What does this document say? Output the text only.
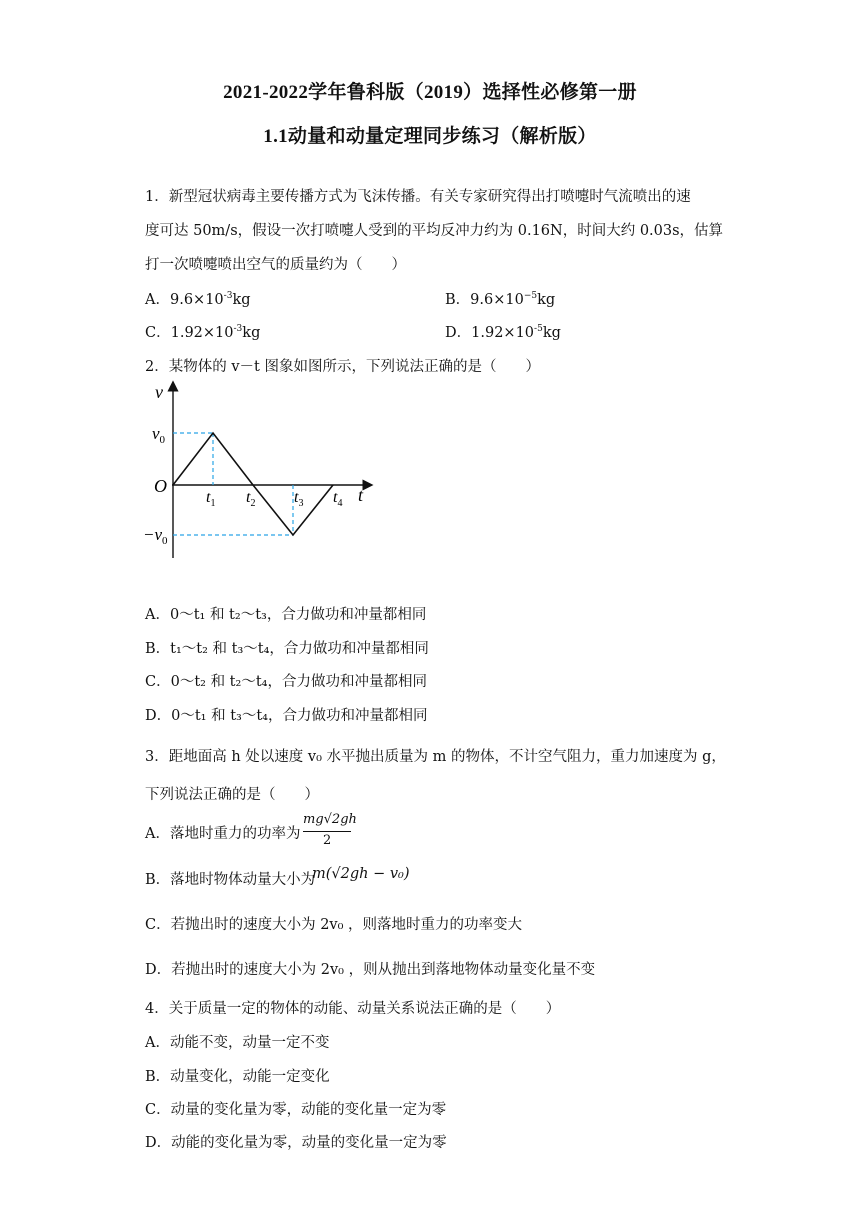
2021-2022学年鲁科版（2019）选择性必修第一册
1.1动量和动量定理同步练习（解析版）
1．新型冠状病毒主要传播方式为飞沫传播。有关专家研究得出打喷嚏时气流喷出的速
度可达 50m/s，假设一次打喷嚏人受到的平均反冲力约为 0.16N，时间大约 0.03s，估算
打一次喷嚏喷出空气的质量约为（　　）
A．$9.6\times 10^{-3}kg$	B．$9.6\times 10^{-5}kg$
C．$1.92\times 10^{-3}kg$	D．$1.92\times 10^{-5}kg$
2．某物体的 v－t 图象如图所示，下列说法正确的是（　　）
v
t
O
$v_0$
$-v_0$
$t_1$ $t_2$ $t_3$ $t_4$
A．0～t₁ 和 t₂～t₃，合力做功和冲量都相同
B．t₁～t₂ 和 t₃～t₄，合力做功和冲量都相同
C．0～t₂ 和 t₂～t₄，合力做功和冲量都相同
D．0～t₁ 和 t₃～t₄，合力做功和冲量都相同
3．距地面高 h 处以速度 v₀ 水平抛出质量为 m 的物体，不计空气阻力，重力加速度为 g，
下列说法正确的是（　　）
A．落地时重力的功率为
mg√2gh
2
B．落地时物体动量大小为
m(√2gh − v₀)
C．若抛出时的速度大小为 2v₀ ，则落地时重力的功率变大
D．若抛出时的速度大小为 2v₀ ，则从抛出到落地物体动量变化量不变
4．关于质量一定的物体的动能、动量关系说法正确的是（　　）
A．动能不变，动量一定不变
B．动量变化，动能一定变化
C．动量的变化量为零，动能的变化量一定为零
D．动能的变化量为零，动量的变化量一定为零
